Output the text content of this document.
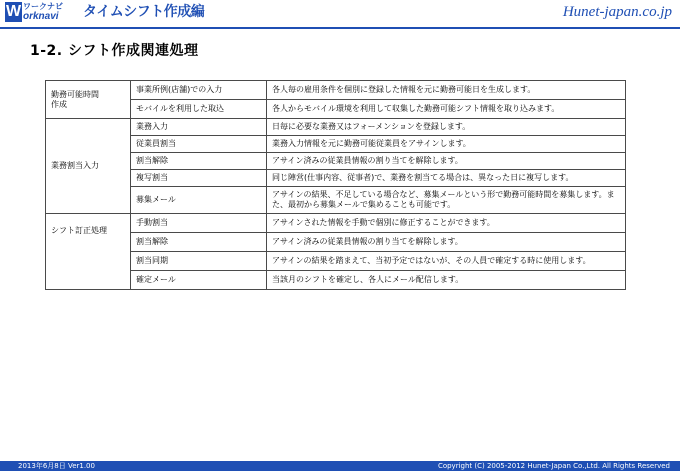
W ワークナビ
orknavi タイムシフト作成編	Hunet-japan.co.jp
1-2. シフト作成関連処理
勤務可能時間
作成	事業所例(店舗)での入力	各人毎の雇用条件を個別に登録した情報を元に勤務可能日を生成します。
	モバイルを利用した取込	各人からモバイル環境を利用して収集した勤務可能シフト情報を取り込みます。
業務割当入力	業務入力	日毎に必要な業務又はフォーメンションを登録します。
	従業員割当	業務入力情報を元に勤務可能従業員をアサインします。
	割当解除	アサイン済みの従業員情報の割り当てを解除します。
	複写割当	同じ陣営(仕事内容、従事者)で、業務を割当てる場合は、異なった日に複写します。
	募集メール	アサインの結果、不足している場合など、募集メールという形で勤務可能時間を募集します。また、最初から募集メールで集めることも可能です。
シフト訂正処理	手動割当	アサインされた情報を手動で個別に修正することができます。
	割当解除	アサイン済みの従業員情報の割り当てを解除します。
	割当同期	アサインの結果を踏まえて、当初予定ではないが、その人員で確定する時に使用します。
	確定メール	当該月のシフトを確定し、各人にメール配信します。
2013年6月8日 Ver1.00	Copyright (C) 2005-2012 Hunet-Japan Co.,Ltd. All Rights Reserved
